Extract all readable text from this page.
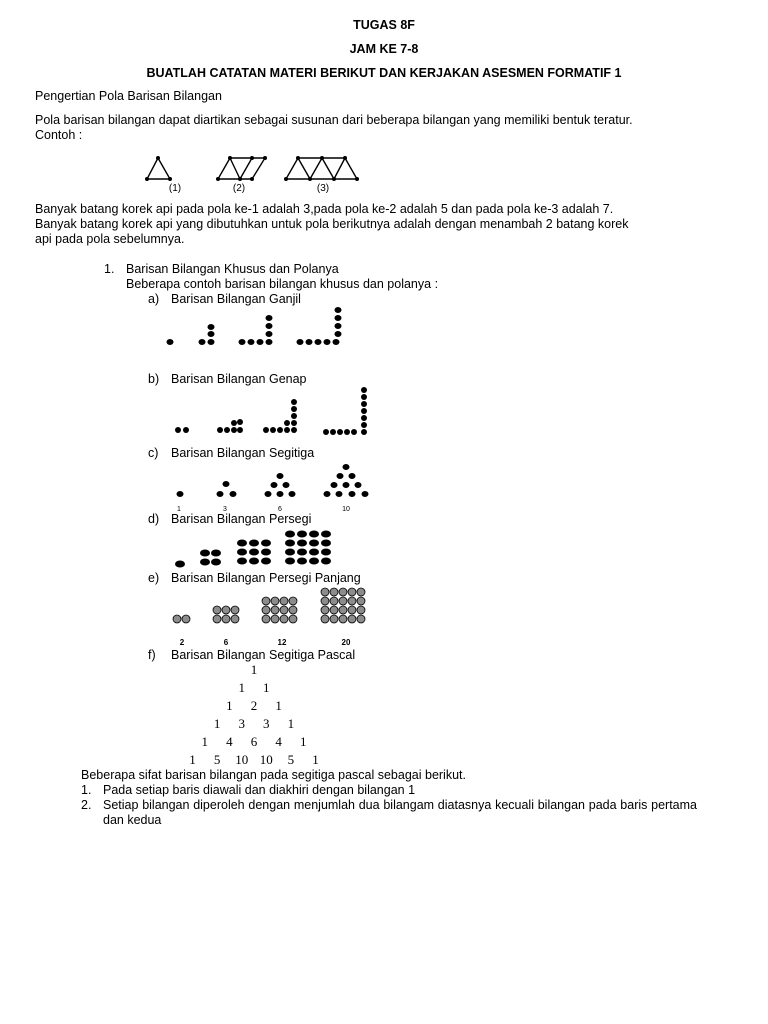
TUGAS 8F
JAM KE 7-8
BUATLAH CATATAN MATERI BERIKUT DAN KERJAKAN ASESMEN FORMATIF 1
Pengertian Pola Barisan Bilangan
Pola barisan bilangan dapat diartikan sebagai susunan dari beberapa bilangan yang memiliki bentuk teratur.
Contoh :
(1)	(2)	(3)
Banyak batang korek api pada pola ke-1 adalah 3,pada pola ke-2 adalah 5 dan pada pola ke-3 adalah 7.
Banyak batang korek api yang dibutuhkan untuk pola berikutnya adalah dengan menambah 2 batang korek
api pada pola sebelumnya.
1. Barisan Bilangan Khusus dan Polanya
Beberapa contoh barisan bilangan khusus dan polanya :
a) Barisan Bilangan Ganjil
b) Barisan Bilangan Genap
c) Barisan Bilangan Segitiga
1	3	6	10
d) Barisan Bilangan Persegi
e) Barisan Bilangan Persegi Panjang
2	6	12	20
f) Barisan Bilangan Segitiga Pascal
1
1 1
1 2 1
1 3 3 1
1 4 6 4 1
1 5 10 10 5 1
Beberapa sifat barisan bilangan pada segitiga pascal sebagai berikut.
1. Pada setiap baris diawali dan diakhiri dengan bilangan 1
2. Setiap bilangan diperoleh dengan menjumlah dua bilangam diatasnya kecuali bilangan pada baris pertama dan kedua
